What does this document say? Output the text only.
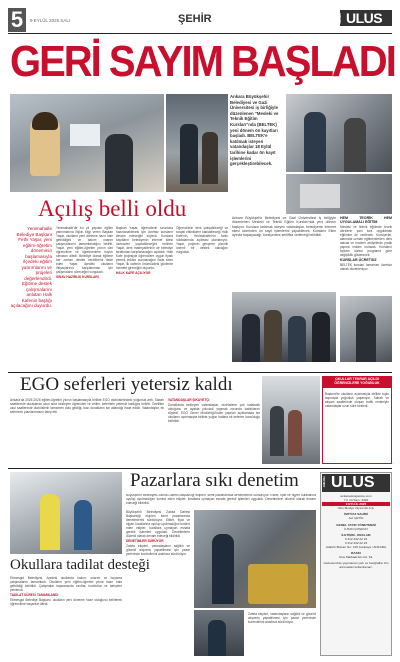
5	9 EYLÜL 2025 SALI	ŞEHİR	ANKARA ULUS
GERİ SAYIM BAŞLADI
Ankara Büyükşehir Belediyesi ve Gazi Üniversitesi iş birliğiyle düzenlenen "Mesleki ve Teknik Eğitim Kursları"nda (BELTEK) yeni dönem ön kayıtları başladı. BELTEK'e katılmak isteyen vatandaşlar 18 Eylül tarihine kadar ön kayıt işlemlerini gerçekleştirebilecek.
Açılış belli oldu
Yenimahalle Belediye Başkanı Fethi Yaşar, yeni eğitim-öğretim döneminin başlamasıyla ilçedeki eğitim yatırımlarını ve projeleri değerlendirdi. Eğitime destek çalışmalarını anlatan Halk Kafenin başlığı açılacağını duyurdu.

Yenimahalle'de bu yıl yapılan eğitim yatırımlarına ilişkin bilgi veren Başkan Yaşar, okulların yeni döneme hazır hale getirildiğini ve bakım onarım çalışmalarının tamamlandığını belirtti. Yaşar, yeni eğitim-öğretim yılının tüm öğrencilere ve öğretmenlere hayırlı olmasını diledi. Belediye olarak eğitime her zaman destek verdiklerini ifade eden Yaşar, ilçedeki okulların ihtiyaçlarının karşılanması için çalışmaların süreceğini vurguladı.

SINAV HAZIRLIK KURSLARI

Başkan Yaşar, öğrencilerin sınavlara hazırlanabilmesi için ücretsiz kursların devam edeceğini söyledi. Kurslara kayıtların belediyenin internet sitesi üzerinden yapılabileceğini belirten Yaşar, ders materyallerinin de belediye tarafından karşılanacağını açıkladı. Halk Kafe projesiyle öğrencilere uygun fiyatlı yemek imkânı sunulacağını ifade eden Yaşar, ilk kafenin önümüzdeki günlerde hizmete gireceğini duyurdu.

HALK KAFE AÇILIYOR

Öğrencilerin ders çalışabileceği ve sosyal etkinliklere katılabileceği Halk Kafe'nin, Yenimahalle'nin farklı noktalarında açılması planlanıyor. Yaşar, projenin gençlere yönelik önemli bir destek olacağını vurguladı.

Ankara Büyükşehir Belediyesi ve Gazi Üniversitesi iş birliğiyle düzenlenen Mesleki ve Teknik Eğitim Kursları'nda yeni dönem başlıyor. Kurslara katılmak isteyen vatandaşlar, belediyenin internet sitesi üzerinden ön kayıt işlemlerini yapabilecek. Kursların Ekim ayında başlayacağı, kursiyerlere sertifika verileceği belirtildi.

HEM TEORİK HEM UYGULAMALI EĞİTİM

Mesleki ve teknik eğitimde teorik derslerin yanı sıra uygulamalı eğitimler de verilecek. Kursiyerler, alanında uzman eğitmenlerden ders alacak ve modern atölyelerde pratik yapma imkânı bulacak. Kursların toplam süresi programa göre değişiklik gösterecek.

KURSLAR ÜCRETSİZ

BELTEK kursları tamamen ücretsiz olarak düzenleniyor.

EGO seferleri yetersiz kaldı
Ankara'da 2025-2026 eğitim-öğretim yılının başlamasıyla birlikte EGO otobüslerindeki yoğunluk arttı. Sabah saatlerinde duraklarda uzun süre bekleyen öğrenciler ve veliler, seferlerin yetersiz kaldığını belirtti. Özellikle okul saatlerinde otobüslerin tamamen dolu geldiği, bazı durakların ise atlandığı ifade edildi. Vatandaşlar, ek seferlerin planlanmasını talep etti.

VATANDAŞLAR ŞİKÂYETÇİ

Duraklarda bekleyen vatandaşlar, otobüslerin çok kalabalık olduğunu ve ayakta yolculuk yapmak zorunda kaldıklarını söyledi. EGO Genel Müdürlüğü'nden yapılan açıklamada ise okulların açılmasıyla birlikte yoğun hatlara ek seferler konulduğu belirtildi.

OKULLAR TEKRAR AÇILDI
ÖĞRENCİLERE YOĞUNLUK
Başkent'te okulların açılmasıyla birlikte toplu taşımada yoğunluk yaşanıyor. Sabah ve akşam saatlerinde oluşan trafik nedeniyle vatandaşlar uzun süre bekledi.
Okullara tadilat desteği

Etimesgut Belediyesi, ilçedeki okullarda bakım, onarım ve boyama çalışmalarını tamamladı. Okulların yeni eğitim-öğretim yılına hazır hale getirildiği belirtildi. Çalışmalar kapsamında sınıflar, koridorlar ve bahçeler yenilendi.

TADİLAT SÜRECİ TAMAMLANDI

Etimesgut Belediye Başkanı, okulların yeni döneme hazır olduğunu belirterek öğrencilere başarılar diledi.

Pazarlara sıkı denetim
Büyükşehir Belediyesi Zabıta Dairesi Başkanlığı ekipleri, semt pazarlarında denetimlerini sürdürüyor. Etiket, fiyat ve hijyen kurallarına uyulup uyulmadığını kontrol eden ekipler, kurallara uymayan esnafa gerekli işlemleri uyguladı. Denetimlerin düzenli olarak devam edeceği bildirildi.

Büyükşehir Belediyesi Zabıta Dairesi Başkanlığı ekipleri, semt pazarlarında denetimlerini sürdürüyor. Etiket, fiyat ve hijyen kurallarına uyulup uyulmadığını kontrol eden ekipler, kurallara uymayan esnafa gerekli işlemleri uyguladı. Denetimlerin düzenli olarak devam edeceği bildirildi.

DENETİMLER SÜRÜYOR

Zabıta ekipleri, vatandaşların sağlıklı ve güvenli alışveriş yapabilmesi için pazar yerlerinde kontrollerini aralıksız sürdürüyor.

Zabıta ekipleri, vatandaşların sağlıklı ve güvenli alışveriş yapabilmesi için pazar yerlerinde kontrollerini aralıksız sürdürüyor.
ANKARA ULUS
ankaraulusgazete.com
Yıl: 14 Sayı: 4420
9 EYLÜL 2025
Ulus Medya Yayıncılık A.Ş.
İMTİYAZ SAHİBİ
ALİ ÇETİN
GENEL YAYIN YÖNETMENİ
İLHAN ÇOŞKUN
İLETİŞİM - REKLAM
0 312 432 22 22
0 312 432 22 23
Atatürk Bulvarı No: 125 Çankaya / ANKARA
BASKI
Ulus Matbaacılık Ltd. Şti.
Gazetemizde yayınlanan yazı ve fotoğraflar izin alınmadan kullanılamaz.
